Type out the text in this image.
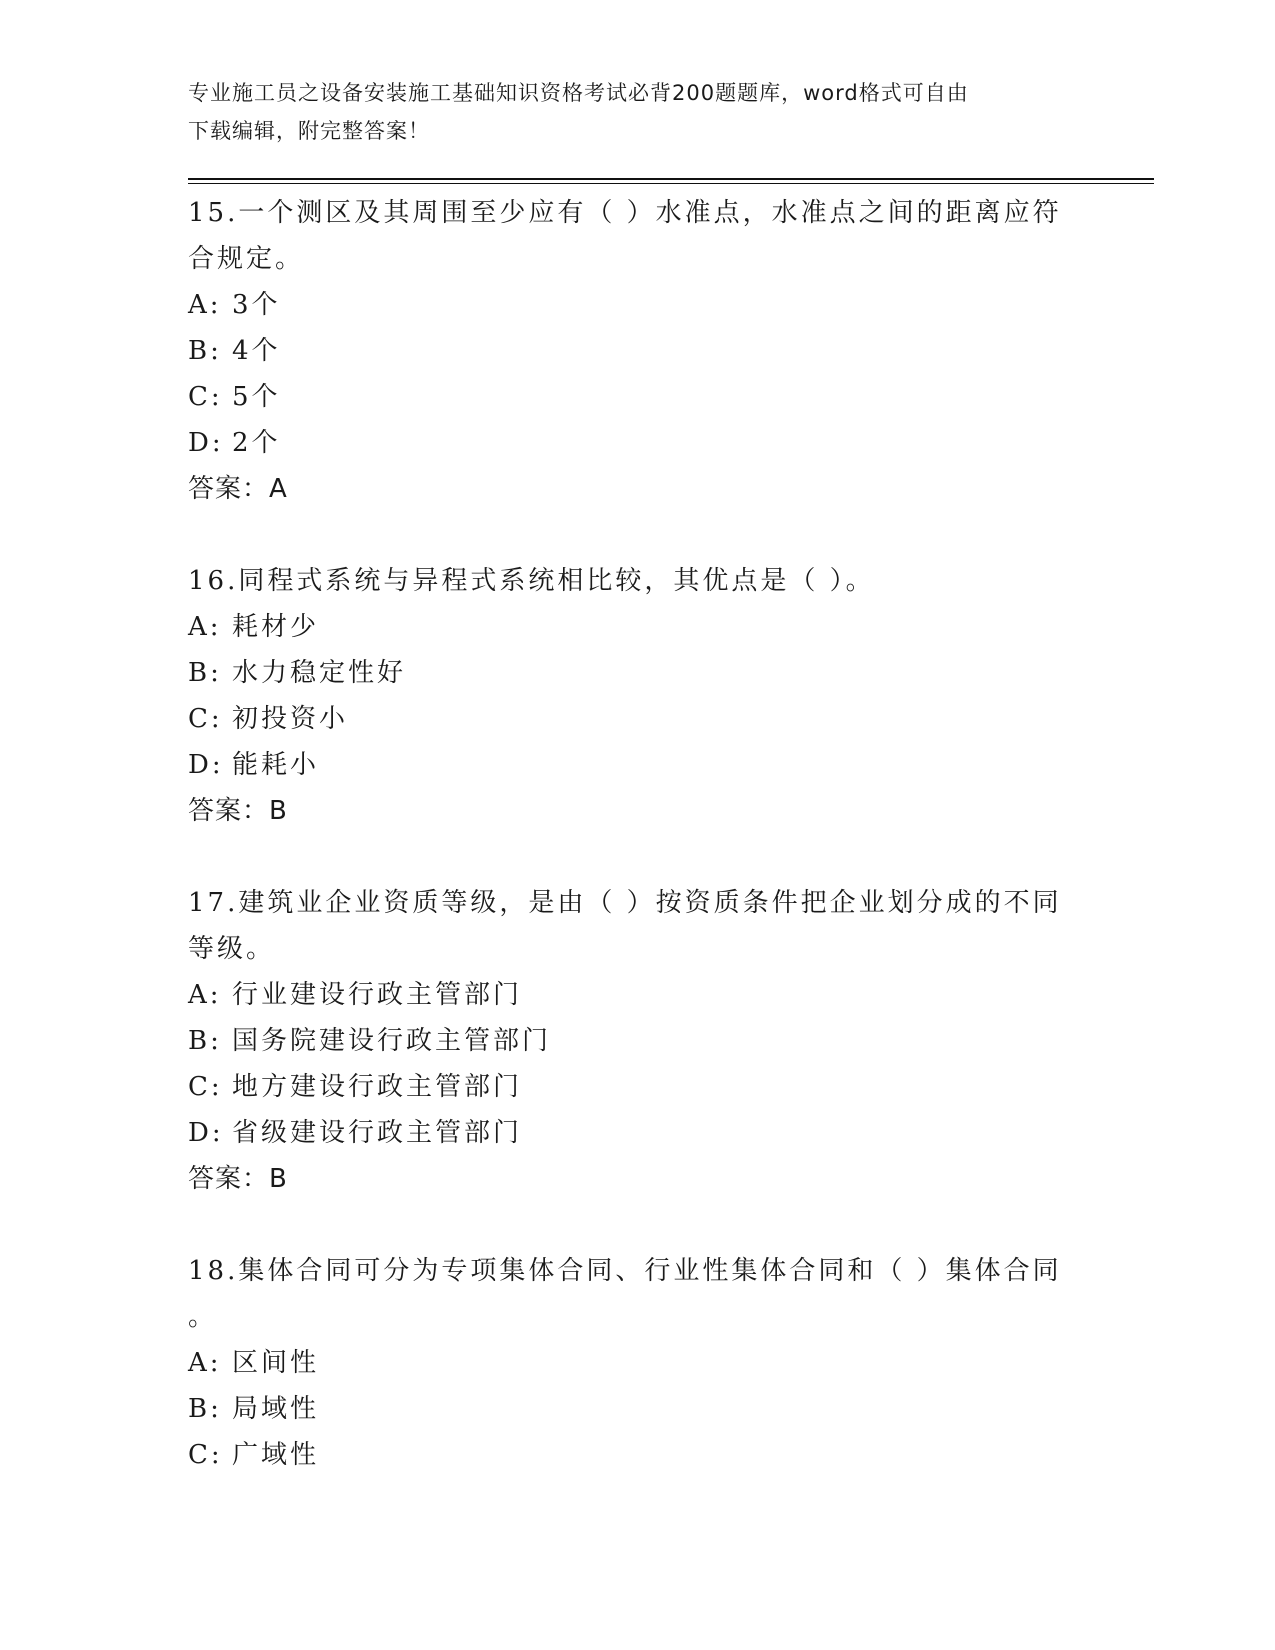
专业施工员之设备安装施工基础知识资格考试必背200题题库，word格式可自由
下载编辑，附完整答案！
15.一个测区及其周围至少应有（ ）水准点，水准点之间的距离应符
合规定。
A: 3个
B: 4个
C: 5个
D: 2个
答案：A
16.同程式系统与异程式系统相比较，其优点是（ ）。
A: 耗材少
B: 水力稳定性好
C: 初投资小
D: 能耗小
答案：B
17.建筑业企业资质等级，是由（ ）按资质条件把企业划分成的不同
等级。
A: 行业建设行政主管部门
B: 国务院建设行政主管部门
C: 地方建设行政主管部门
D: 省级建设行政主管部门
答案：B
18.集体合同可分为专项集体合同、行业性集体合同和（ ）集体合同
。
A: 区间性
B: 局域性
C: 广域性
